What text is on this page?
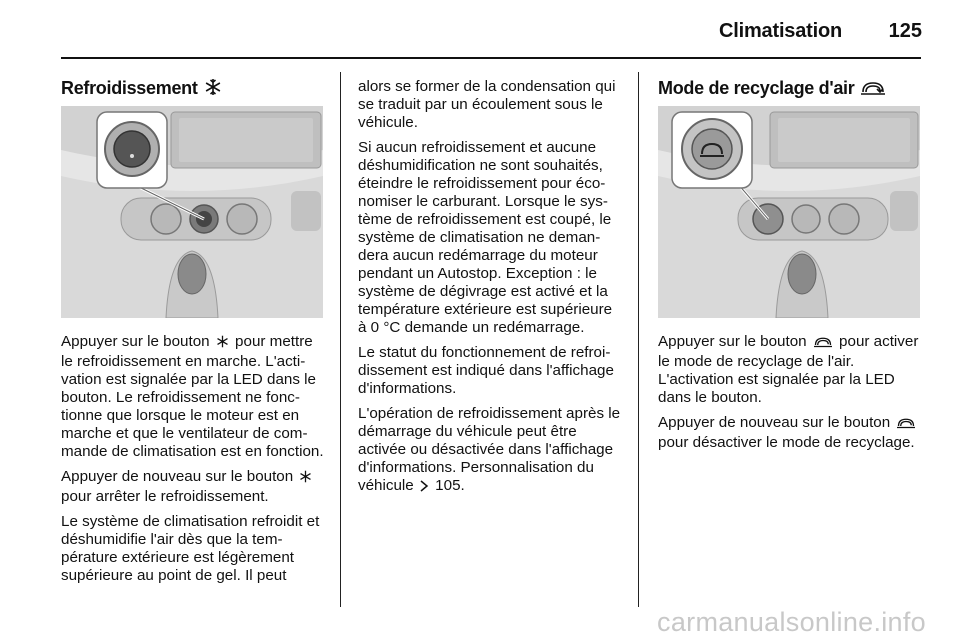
Climatisation 125
Refroidissement

Appuyer sur le bouton  pour mettre le refroidissement en marche. L'activation est signalée par la LED dans le bouton. Le refroidissement ne fonctionne que lorsque le moteur est en marche et que le ventilateur de commande de climatisation est en fonction.

Appuyer de nouveau sur le bouton  pour arrêter le refroidissement.

Le système de climatisation refroidit et déshumidifie l'air dès que la température extérieure est légèrement supérieure au point de gel. Il peut

alors se former de la condensation qui se traduit par un écoulement sous le véhicule.

Si aucun refroidissement et aucune déshumidification ne sont souhaités, éteindre le refroidissement pour économiser le carburant. Lorsque le système de refroidissement est coupé, le système de climatisation ne demandera aucun redémarrage du moteur pendant un Autostop. Exception : le système de dégivrage est activé et la température extérieure est supérieure à 0 °C demande un redémarrage.

Le statut du fonctionnement de refroidissement est indiqué dans l'affichage d'informations.

L'opération de refroidissement après le démarrage du véhicule peut être activée ou désactivée dans l'affichage d'informations. Personnalisation du véhicule  105.

Mode de recyclage d'air

Appuyer sur le bouton  pour activer le mode de recyclage de l'air. L'activation est signalée par la LED dans le bouton.

Appuyer de nouveau sur le bouton  pour désactiver le mode de recyclage.

carmanualsonline.info
